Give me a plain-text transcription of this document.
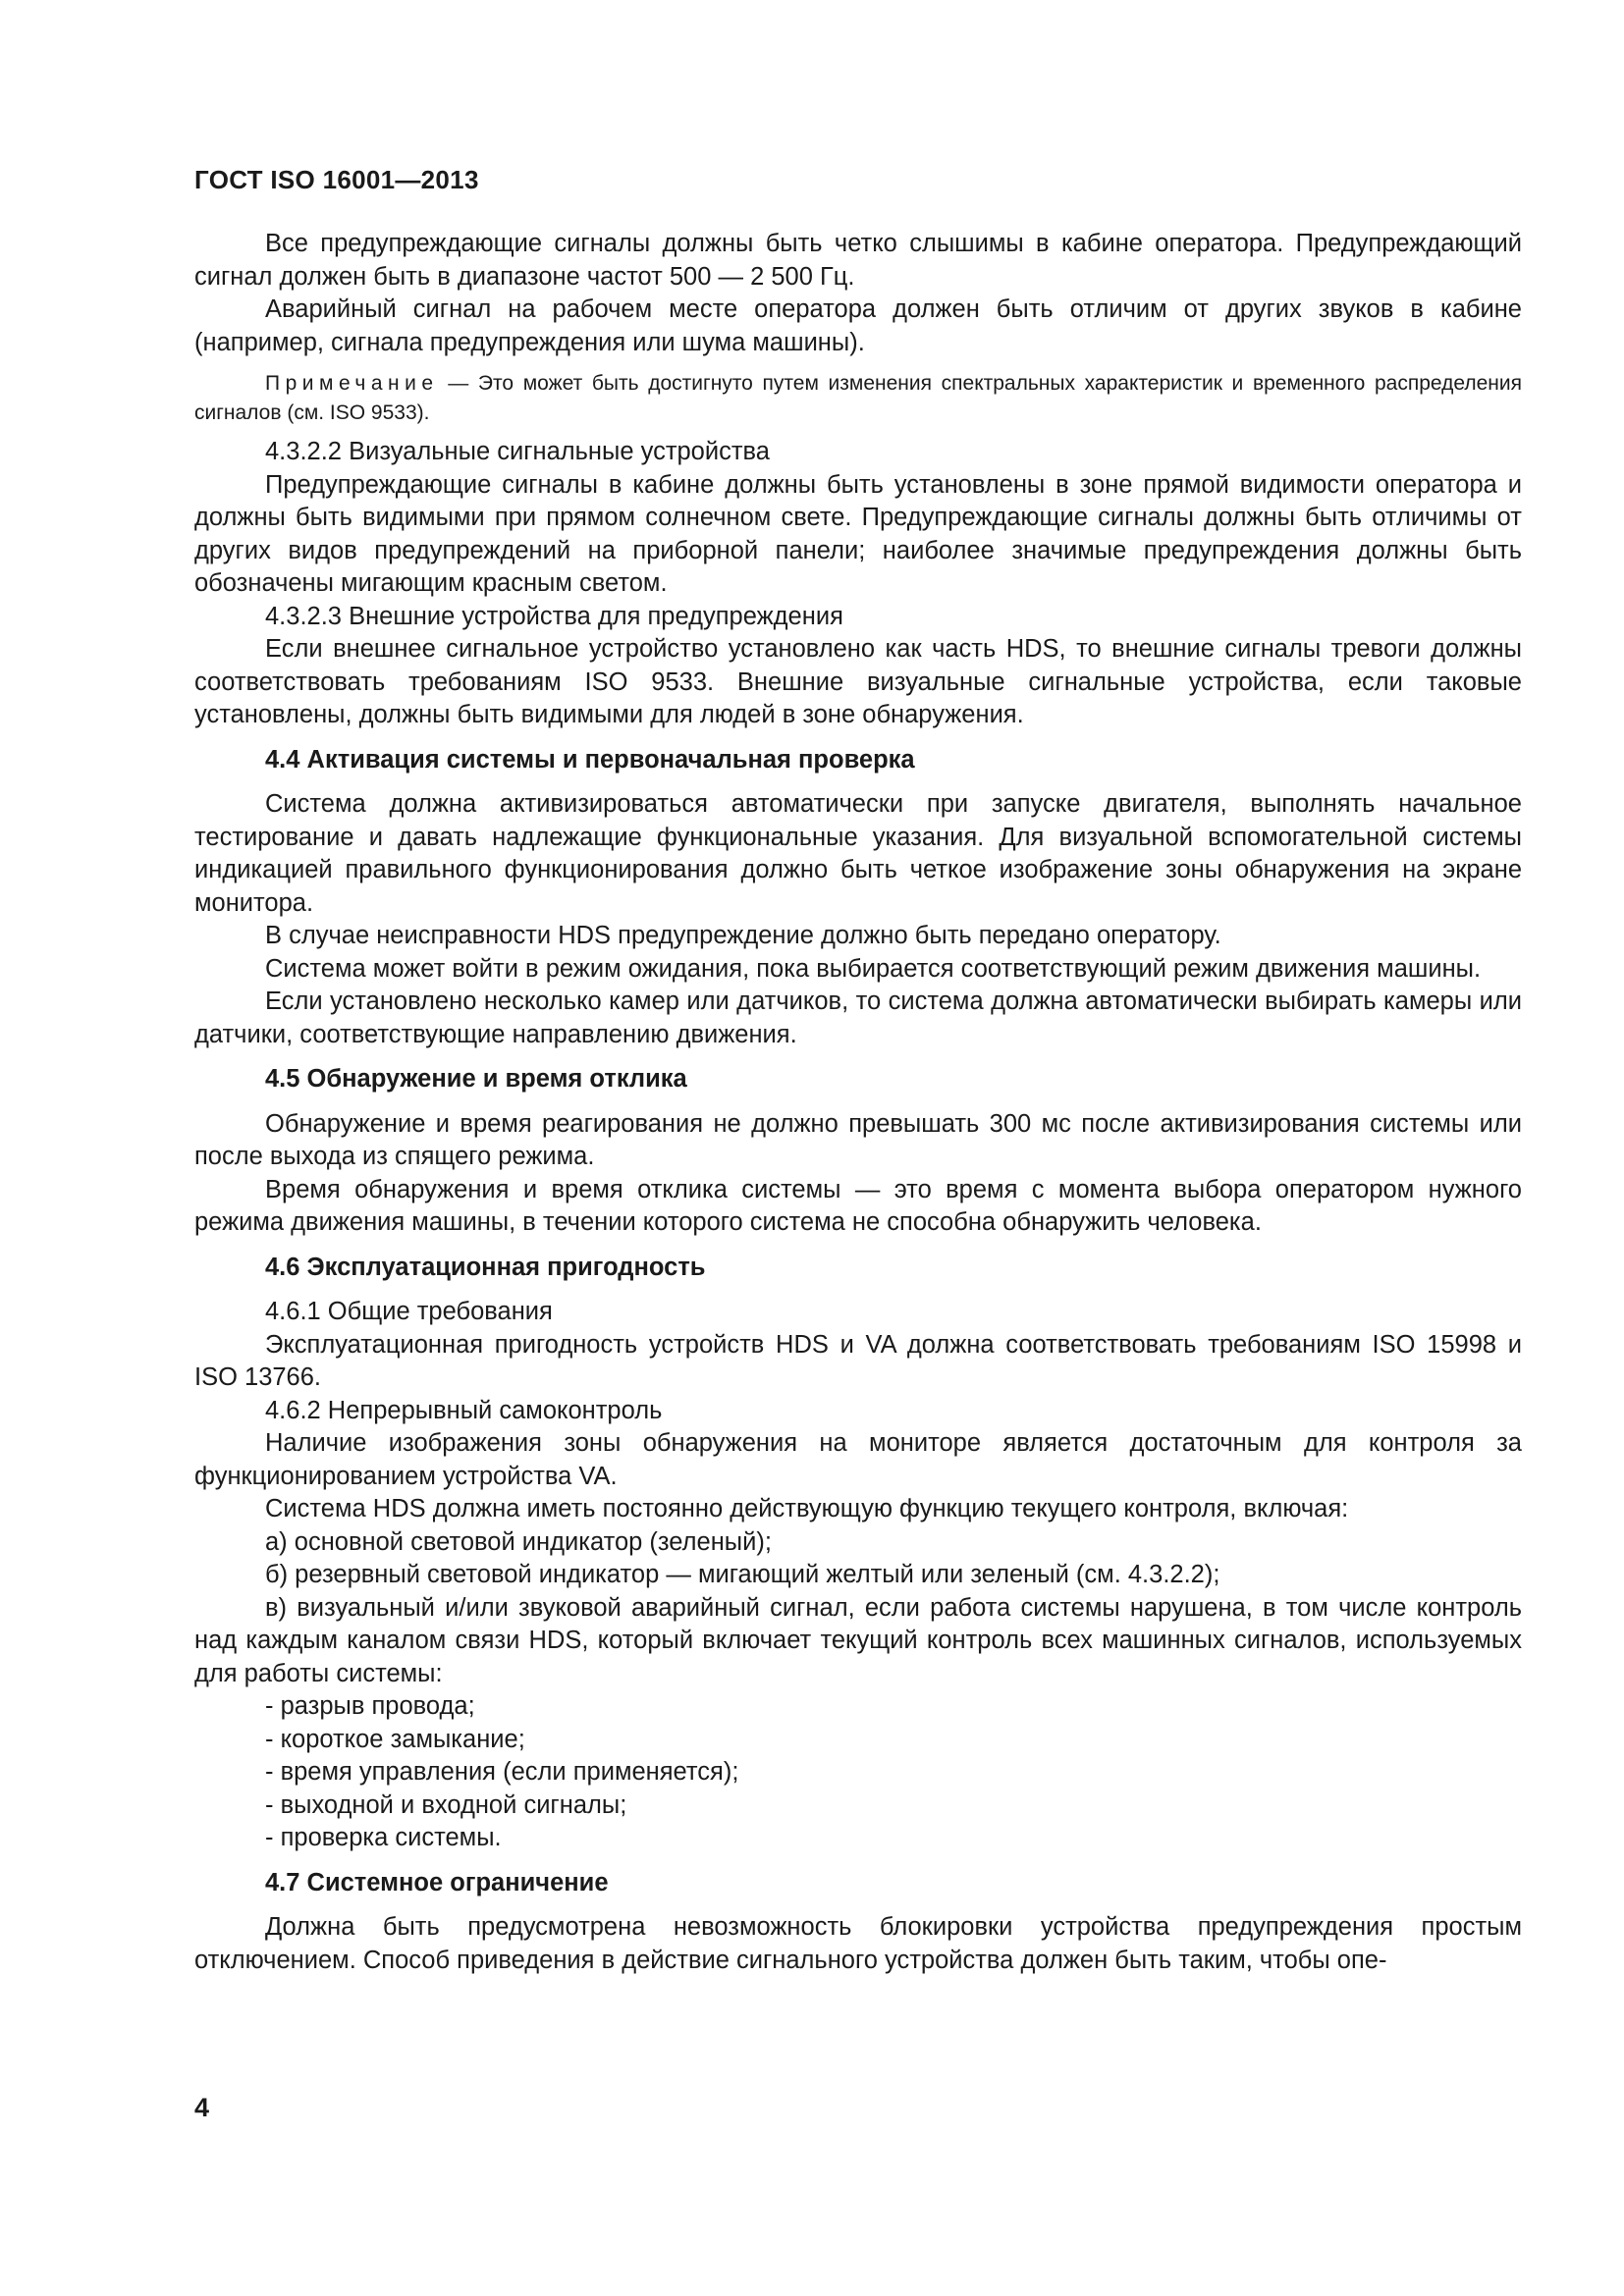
ГОСТ ISO 16001—2013

Все предупреждающие сигналы должны быть четко слышимы в кабине оператора. Предупреждающий сигнал должен быть в диапазоне частот 500 — 2 500 Гц.

Аварийный сигнал на рабочем месте оператора должен быть отличим от других звуков в кабине (например, сигнала предупреждения или шума машины).

Примечание — Это может быть достигнуто путем изменения спектральных характеристик и временного распределения сигналов (см. ISO 9533).

4.3.2.2 Визуальные сигнальные устройства

Предупреждающие сигналы в кабине должны быть установлены в зоне прямой видимости оператора и должны быть видимыми при прямом солнечном свете. Предупреждающие сигналы должны быть отличимы от других видов предупреждений на приборной панели; наиболее значимые предупреждения должны быть обозначены мигающим красным светом.

4.3.2.3 Внешние устройства для предупреждения

Если внешнее сигнальное устройство установлено как часть HDS, то внешние сигналы тревоги должны соответствовать требованиям ISO 9533. Внешние визуальные сигнальные устройства, если таковые установлены, должны быть видимыми для людей в зоне обнаружения.

4.4 Активация системы и первоначальная проверка

Система должна активизироваться автоматически при запуске двигателя, выполнять начальное тестирование и давать надлежащие функциональные указания. Для визуальной вспомогательной системы индикацией правильного функционирования должно быть четкое изображение зоны обнаружения на экране монитора.

В случае неисправности HDS предупреждение должно быть передано оператору.

Система может войти в режим ожидания, пока выбирается соответствующий режим движения машины.

Если установлено несколько камер или датчиков, то система должна автоматически выбирать камеры или датчики, соответствующие направлению движения.

4.5 Обнаружение и время отклика

Обнаружение и время реагирования не должно превышать 300 мс после активизирования системы или после выхода из спящего режима.

Время обнаружения и время отклика системы — это время с момента выбора оператором нужного режима движения машины, в течении которого система не способна обнаружить человека.

4.6 Эксплуатационная пригодность

4.6.1 Общие требования

Эксплуатационная пригодность устройств HDS и VA должна соответствовать требованиям ISO 15998 и ISO 13766.

4.6.2 Непрерывный самоконтроль

Наличие изображения зоны обнаружения на мониторе является достаточным для контроля за функционированием устройства VA.

Система HDS должна иметь постоянно действующую функцию текущего контроля, включая:

а) основной световой индикатор (зеленый);

б) резервный световой индикатор — мигающий желтый или зеленый (см. 4.3.2.2);

в) визуальный и/или звуковой аварийный сигнал, если работа системы нарушена, в том числе контроль над каждым каналом связи HDS, который включает текущий контроль всех машинных сигналов, используемых для работы системы:

- разрыв провода;

- короткое замыкание;

- время управления (если применяется);

- выходной и входной сигналы;

- проверка системы.

4.7 Системное ограничение

Должна быть предусмотрена невозможность блокировки устройства предупреждения простым отключением. Способ приведения в действие сигнального устройства должен быть таким, чтобы опе-

4
